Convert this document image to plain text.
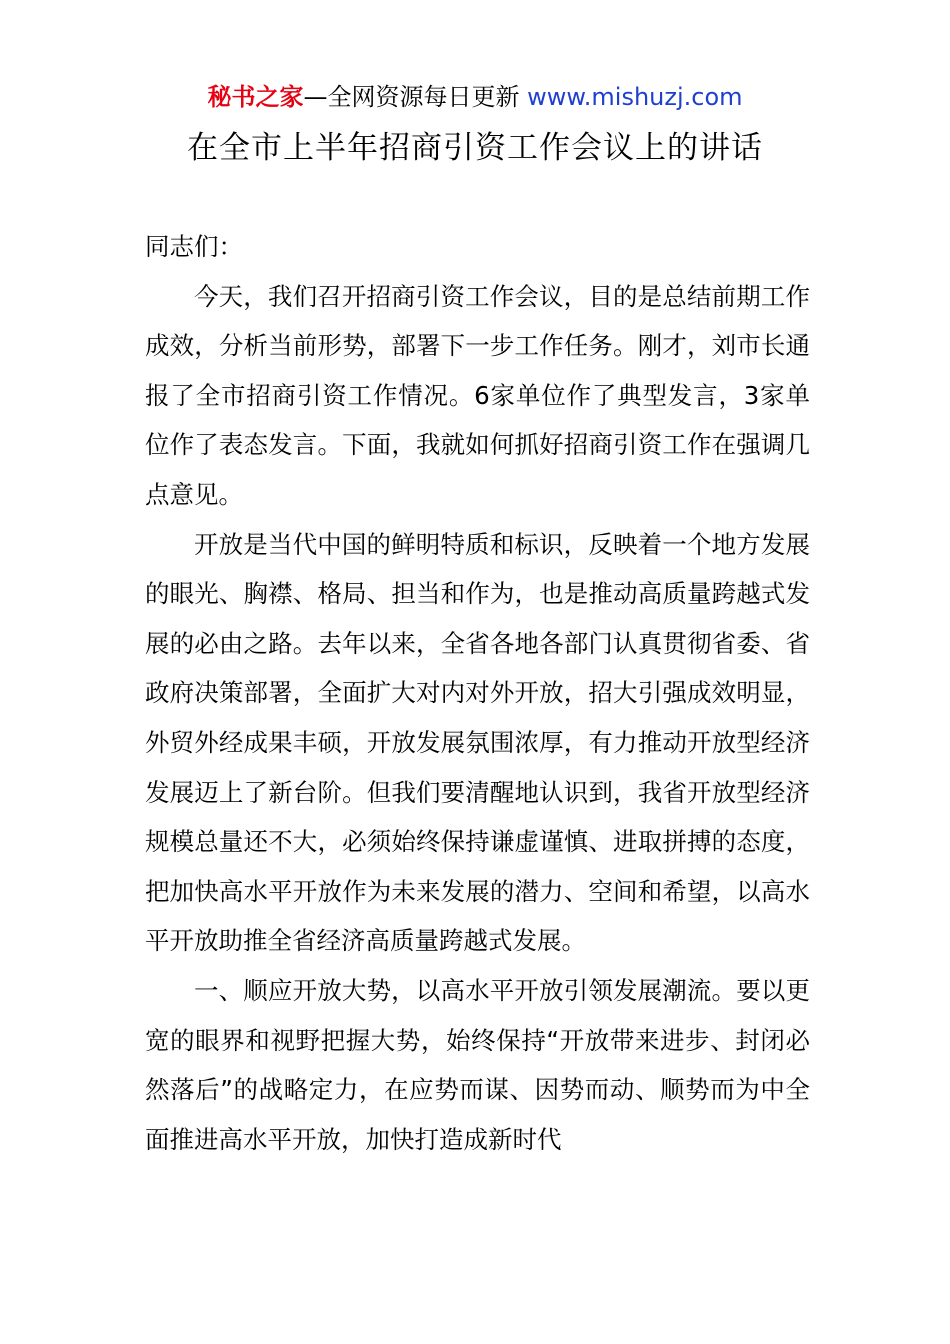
秘书之家—全网资源每日更新 www.mishuzj.com
在全市上半年招商引资工作会议上的讲话

同志们：

今天，我们召开招商引资工作会议，目的是总结前期工作成效，分析当前形势，部署下一步工作任务。刚才，刘市长通报了全市招商引资工作情况。6家单位作了典型发言，3家单位作了表态发言。下面，我就如何抓好招商引资工作在强调几点意见。

开放是当代中国的鲜明特质和标识，反映着一个地方发展的眼光、胸襟、格局、担当和作为，也是推动高质量跨越式发展的必由之路。去年以来，全省各地各部门认真贯彻省委、省政府决策部署，全面扩大对内对外开放，招大引强成效明显，外贸外经成果丰硕，开放发展氛围浓厚，有力推动开放型经济发展迈上了新台阶。但我们要清醒地认识到，我省开放型经济规模总量还不大，必须始终保持谦虚谨慎、进取拼搏的态度，把加快高水平开放作为未来发展的潜力、空间和希望，以高水平开放助推全省经济高质量跨越式发展。

一、顺应开放大势，以高水平开放引领发展潮流。要以更宽的眼界和视野把握大势，始终保持“开放带来进步、封闭必然落后”的战略定力，在应势而谋、因势而动、顺势而为中全面推进高水平开放，加快打造成新时代
